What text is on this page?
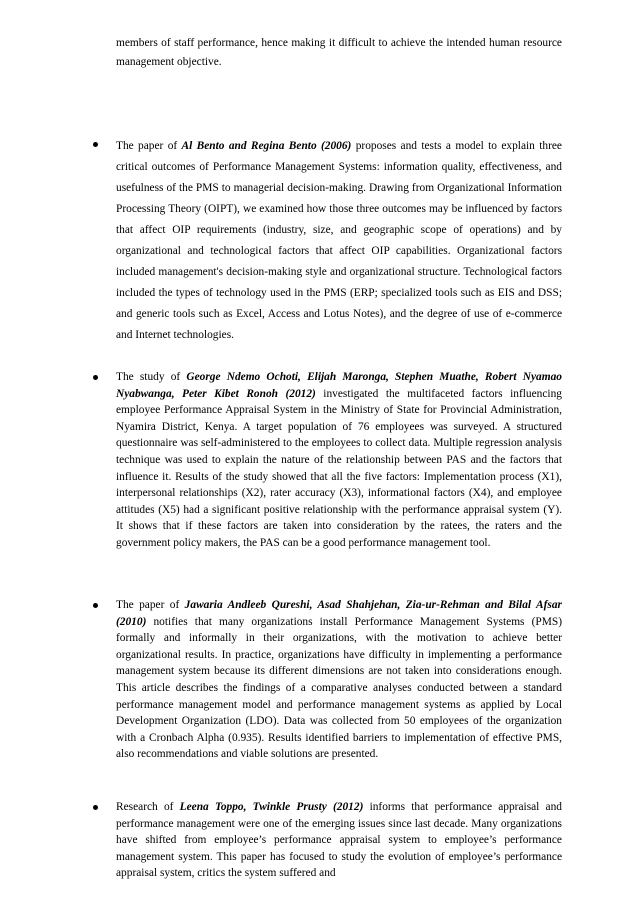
members of staff performance, hence making it difficult to achieve the intended human resource management objective.

The paper of Al Bento and Regina Bento (2006) proposes and tests a model to explain three critical outcomes of Performance Management Systems: information quality, effectiveness, and usefulness of the PMS to managerial decision-making. Drawing from Organizational Information Processing Theory (OIPT), we examined how those three outcomes may be influenced by factors that affect OIP requirements (industry, size, and geographic scope of operations) and by organizational and technological factors that affect OIP capabilities. Organizational factors included management's decision-making style and organizational structure. Technological factors included the types of technology used in the PMS (ERP; specialized tools such as EIS and DSS; and generic tools such as Excel, Access and Lotus Notes), and the degree of use of e-commerce and Internet technologies.

The study of George Ndemo Ochoti, Elijah Maronga, Stephen Muathe, Robert Nyamao Nyabwanga, Peter Kibet Ronoh (2012) investigated the multifaceted factors influencing employee Performance Appraisal System in the Ministry of State for Provincial Administration, Nyamira District, Kenya. A target population of 76 employees was surveyed. A structured questionnaire was self-administered to the employees to collect data. Multiple regression analysis technique was used to explain the nature of the relationship between PAS and the factors that influence it. Results of the study showed that all the five factors: Implementation process (X1), interpersonal relationships (X2), rater accuracy (X3), informational factors (X4), and employee attitudes (X5) had a significant positive relationship with the performance appraisal system (Y). It shows that if these factors are taken into consideration by the ratees, the raters and the government policy makers, the PAS can be a good performance management tool.

The paper of Jawaria Andleeb Qureshi, Asad Shahjehan, Zia-ur-Rehman and Bilal Afsar (2010) notifies that many organizations install Performance Management Systems (PMS) formally and informally in their organizations, with the motivation to achieve better organizational results. In practice, organizations have difficulty in implementing a performance management system because its different dimensions are not taken into considerations enough. This article describes the findings of a comparative analyses conducted between a standard performance management model and performance management systems as applied by Local Development Organization (LDO). Data was collected from 50 employees of the organization with a Cronbach Alpha (0.935). Results identified barriers to implementation of effective PMS, also recommendations and viable solutions are presented.

Research of Leena Toppo, Twinkle Prusty (2012) informs that performance appraisal and performance management were one of the emerging issues since last decade. Many organizations have shifted from employee’s performance appraisal system to employee’s performance management system. This paper has focused to study the evolution of employee’s performance appraisal system, critics the system suffered and
